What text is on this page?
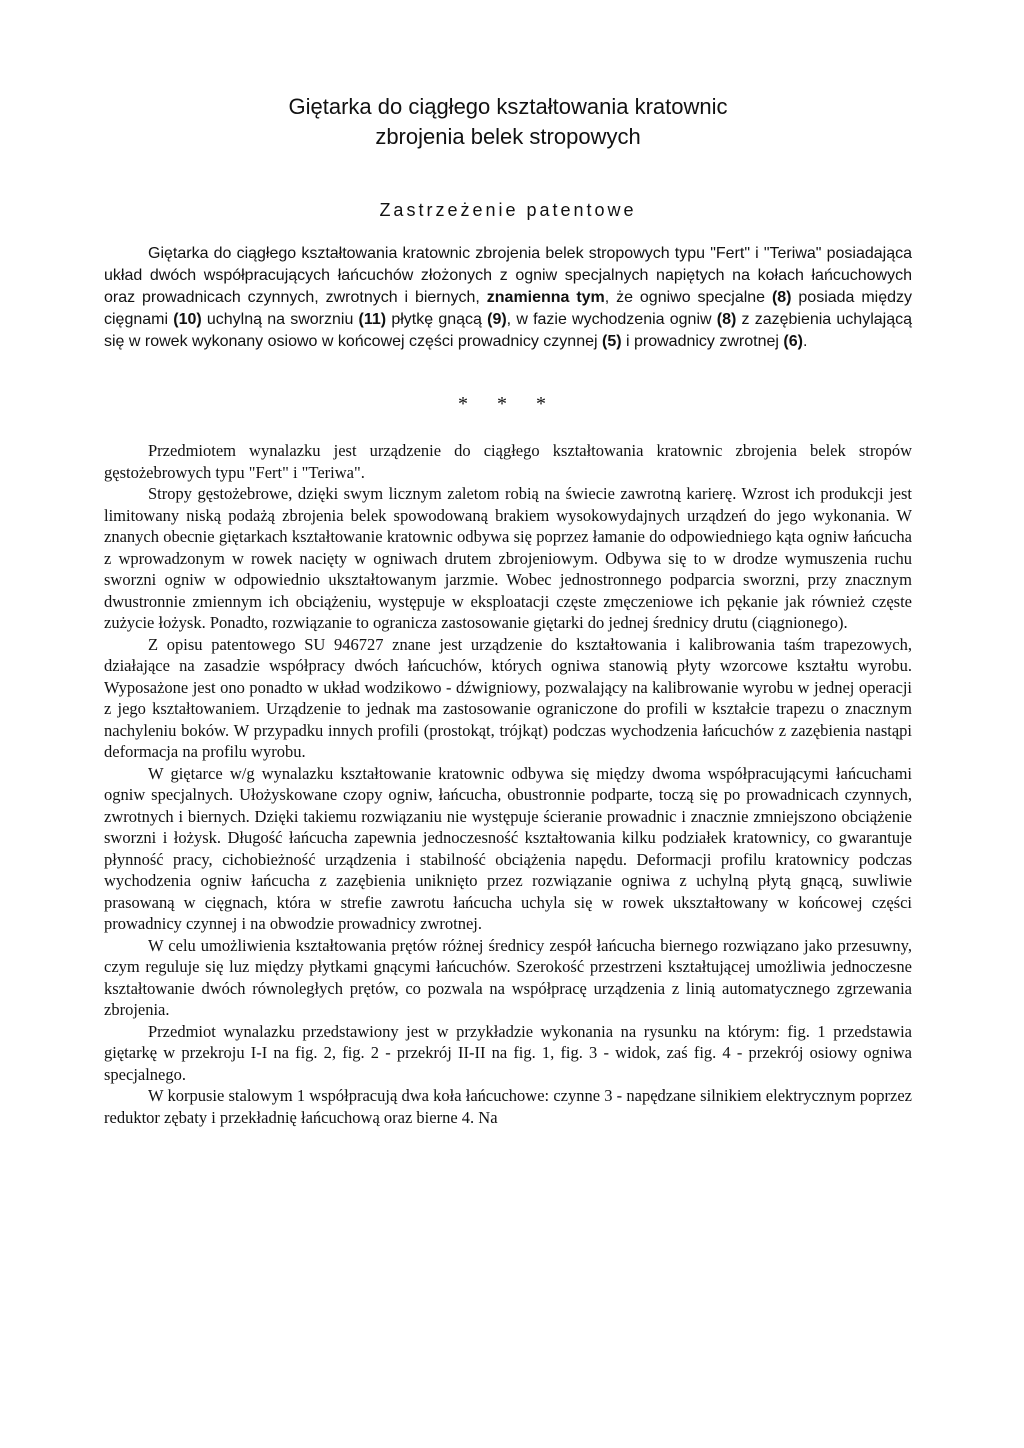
Giętarka do ciągłego kształtowania kratownic
zbrojenia belek stropowych
Zastrzeżenie patentowe

Giętarka do ciągłego kształtowania kratownic zbrojenia belek stropowych typu "Fert" i "Teriwa" posiadająca układ dwóch współpracujących łańcuchów złożonych z ogniw specjalnych napiętych na kołach łańcuchowych oraz prowadnicach czynnych, zwrotnych i biernych, znamienna tym, że ogniwo specjalne (8) posiada między cięgnami (10) uchylną na sworzniu (11) płytkę gnącą (9), w fazie wychodzenia ogniw (8) z zazębienia uchylającą się w rowek wykonany osiowo w końcowej części prowadnicy czynnej (5) i prowadnicy zwrotnej (6).

* * *

Przedmiotem wynalazku jest urządzenie do ciągłego kształtowania kratownic zbrojenia belek stropów gęstożebrowych typu "Fert" i "Teriwa".

Stropy gęstożebrowe, dzięki swym licznym zaletom robią na świecie zawrotną karierę. Wzrost ich produkcji jest limitowany niską podażą zbrojenia belek spowodowaną brakiem wysokowydajnych urządzeń do jego wykonania. W znanych obecnie giętarkach kształtowanie kratownic odbywa się poprzez łamanie do odpowiedniego kąta ogniw łańcucha z wprowadzonym w rowek nacięty w ogniwach drutem zbrojeniowym. Odbywa się to w drodze wymuszenia ruchu sworzni ogniw w odpowiednio ukształtowanym jarzmie. Wobec jednostronnego podparcia sworzni, przy znacznym dwustronnie zmiennym ich obciążeniu, występuje w eksploatacji częste zmęczeniowe ich pękanie jak również częste zużycie łożysk. Ponadto, rozwiązanie to ogranicza zastosowanie giętarki do jednej średnicy drutu (ciągnionego).

Z opisu patentowego SU 946727 znane jest urządzenie do kształtowania i kalibrowania taśm trapezowych, działające na zasadzie współpracy dwóch łańcuchów, których ogniwa stanowią płyty wzorcowe kształtu wyrobu. Wyposażone jest ono ponadto w układ wodzikowo - dźwigniowy, pozwalający na kalibrowanie wyrobu w jednej operacji z jego kształtowaniem. Urządzenie to jednak ma zastosowanie ograniczone do profili w kształcie trapezu o znacznym nachyleniu boków. W przypadku innych profili (prostokąt, trójkąt) podczas wychodzenia łańcuchów z zazębienia nastąpi deformacja na profilu wyrobu.

W giętarce w/g wynalazku kształtowanie kratownic odbywa się między dwoma współpracującymi łańcuchami ogniw specjalnych. Ułożyskowane czopy ogniw, łańcucha, obustronnie podparte, toczą się po prowadnicach czynnych, zwrotnych i biernych. Dzięki takiemu rozwiązaniu nie występuje ścieranie prowadnic i znacznie zmniejszono obciążenie sworzni i łożysk. Długość łańcucha zapewnia jednoczesność kształtowania kilku podziałek kratownicy, co gwarantuje płynność pracy, cichobieżność urządzenia i stabilność obciążenia napędu. Deformacji profilu kratownicy podczas wychodzenia ogniw łańcucha z zazębienia uniknięto przez rozwiązanie ogniwa z uchylną płytą gnącą, suwliwie prasowaną w cięgnach, która w strefie zawrotu łańcucha uchyla się w rowek ukształtowany w końcowej części prowadnicy czynnej i na obwodzie prowadnicy zwrotnej.

W celu umożliwienia kształtowania prętów różnej średnicy zespół łańcucha biernego rozwiązano jako przesuwny, czym reguluje się luz między płytkami gnącymi łańcuchów. Szerokość przestrzeni kształtującej umożliwia jednoczesne kształtowanie dwóch równoległych prętów, co pozwala na współpracę urządzenia z linią automatycznego zgrzewania zbrojenia.

Przedmiot wynalazku przedstawiony jest w przykładzie wykonania na rysunku na którym: fig. 1 przedstawia giętarkę w przekroju I-I na fig. 2, fig. 2 - przekrój II-II na fig. 1, fig. 3 - widok, zaś fig. 4 - przekrój osiowy ogniwa specjalnego.

W korpusie stalowym 1 współpracują dwa koła łańcuchowe: czynne 3 - napędzane silnikiem elektrycznym poprzez reduktor zębaty i przekładnię łańcuchową oraz bierne 4. Na
